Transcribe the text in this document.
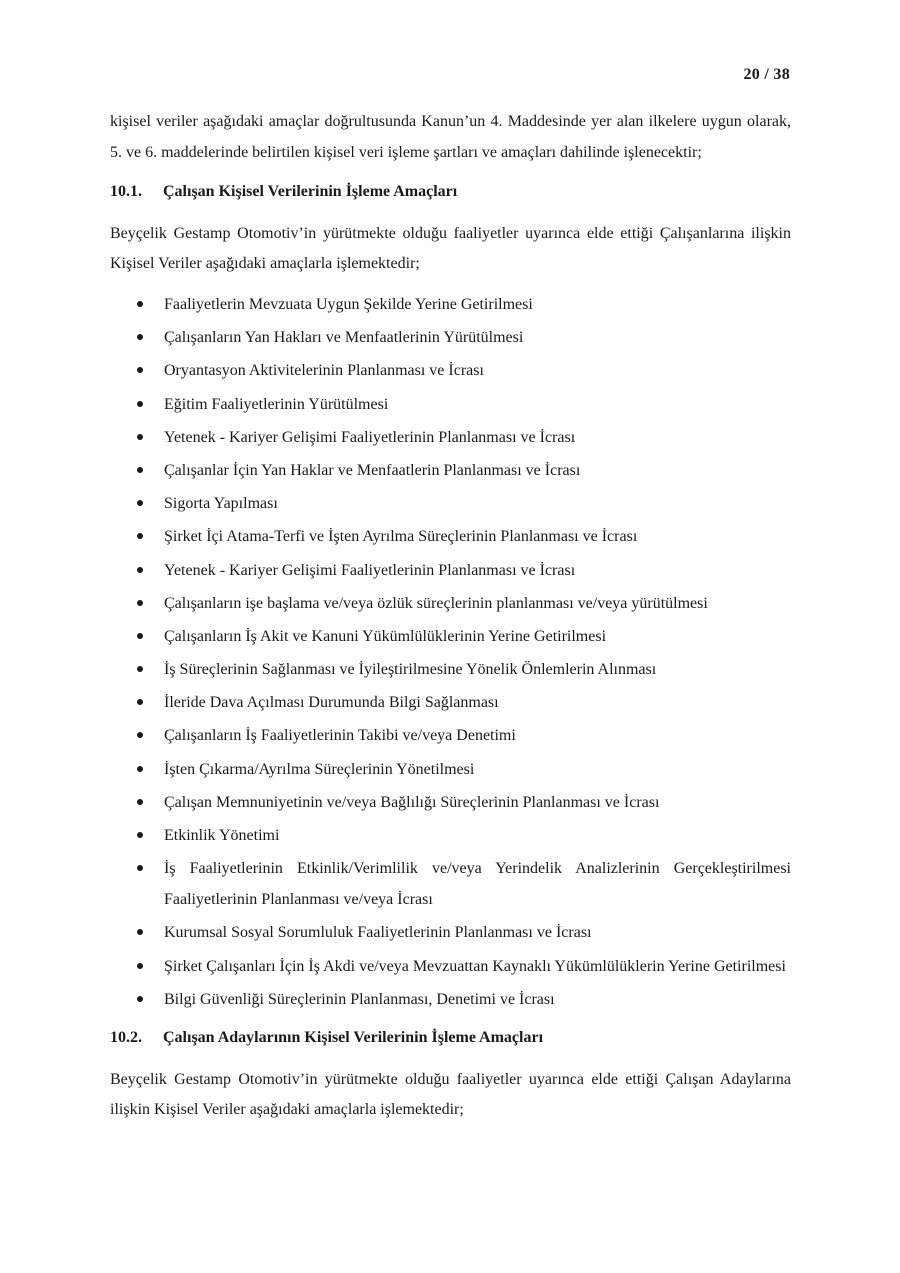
20 / 38

kişisel veriler aşağıdaki amaçlar doğrultusunda Kanun’un 4. Maddesinde yer alan ilkelere uygun olarak, 5. ve 6. maddelerinde belirtilen kişisel veri işleme şartları ve amaçları dahilinde işlenecektir;

10.1.	Çalışan Kişisel Verilerinin İşleme Amaçları

Beyçelik Gestamp Otomotiv’in yürütmekte olduğu faaliyetler uyarınca elde ettiği Çalışanlarına ilişkin Kişisel Veriler aşağıdaki amaçlarla işlemektedir;

Faaliyetlerin Mevzuata Uygun Şekilde Yerine Getirilmesi
Çalışanların Yan Hakları ve Menfaatlerinin Yürütülmesi
Oryantasyon Aktivitelerinin Planlanması ve İcrası
Eğitim Faaliyetlerinin Yürütülmesi
Yetenek - Kariyer Gelişimi Faaliyetlerinin Planlanması ve İcrası
Çalışanlar İçin Yan Haklar ve Menfaatlerin Planlanması ve İcrası
Sigorta Yapılması
Şirket İçi Atama-Terfi ve İşten Ayrılma Süreçlerinin Planlanması ve İcrası
Yetenek - Kariyer Gelişimi Faaliyetlerinin Planlanması ve İcrası
Çalışanların işe başlama ve/veya özlük süreçlerinin planlanması ve/veya yürütülmesi
Çalışanların İş Akit ve Kanuni Yükümlülüklerinin Yerine Getirilmesi
İş Süreçlerinin Sağlanması ve İyileştirilmesine Yönelik Önlemlerin Alınması
İleride Dava Açılması Durumunda Bilgi Sağlanması
Çalışanların İş Faaliyetlerinin Takibi ve/veya Denetimi
İşten Çıkarma/Ayrılma Süreçlerinin Yönetilmesi
Çalışan Memnuniyetinin ve/veya Bağlılığı Süreçlerinin Planlanması ve İcrası
Etkinlik Yönetimi
İş Faaliyetlerinin Etkinlik/Verimlilik ve/veya Yerindelik Analizlerinin Gerçekleştirilmesi Faaliyetlerinin Planlanması ve/veya İcrası
Kurumsal Sosyal Sorumluluk Faaliyetlerinin Planlanması ve İcrası
Şirket Çalışanları İçin İş Akdi ve/veya Mevzuattan Kaynaklı Yükümlülüklerin Yerine Getirilmesi
Bilgi Güvenliği Süreçlerinin Planlanması, Denetimi ve İcrası
10.2.	Çalışan Adaylarının Kişisel Verilerinin İşleme Amaçları

Beyçelik Gestamp Otomotiv’in yürütmekte olduğu faaliyetler uyarınca elde ettiği Çalışan Adaylarına ilişkin Kişisel Veriler aşağıdaki amaçlarla işlemektedir;
